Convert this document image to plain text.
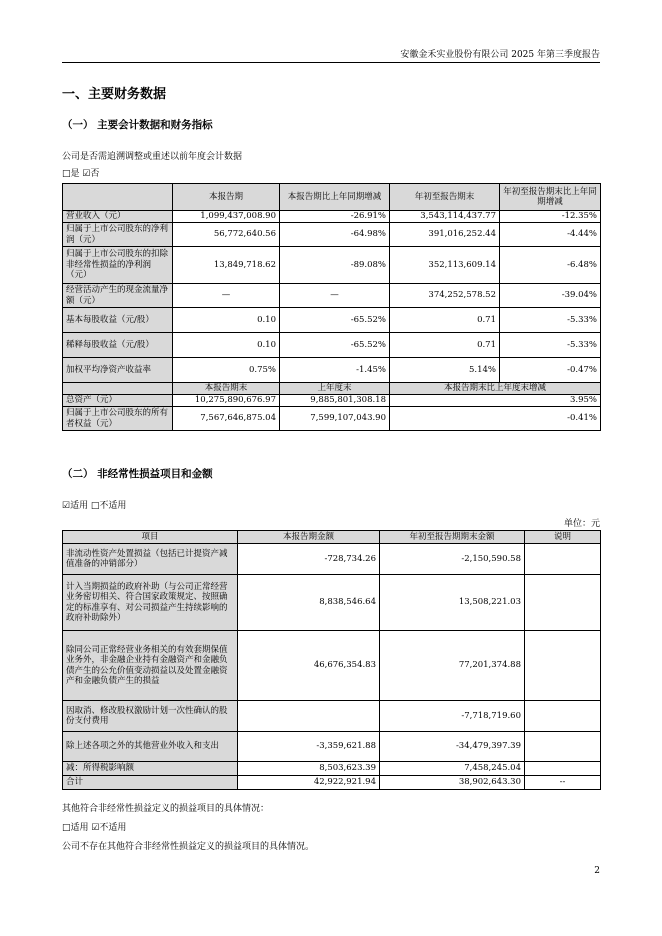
安徽金禾实业股份有限公司 2025 年第三季度报告
一、主要财务数据
（一） 主要会计数据和财务指标
公司是否需追溯调整或重述以前年度会计数据
□是 ☑否
	本报告期	本报告期比上年同期增减	年初至报告期末	年初至报告期末比上年同期增减
营业收入（元）	1,099,437,008.90	-26.91%	3,543,114,437.77	-12.35%
归属于上市公司股东的净利润（元）	56,772,640.56	-64.98%	391,016,252.44	-4.44%
归属于上市公司股东的扣除非经常性损益的净利润（元）	13,849,718.62	-89.08%	352,113,609.14	-6.48%
经营活动产生的现金流量净额（元）	—	—	374,252,578.52	-39.04%
基本每股收益（元/股）	0.10	-65.52%	0.71	-5.33%
稀释每股收益（元/股）	0.10	-65.52%	0.71	-5.33%
加权平均净资产收益率	0.75%	-1.45%	5.14%	-0.47%
	本报告期末	上年度末	本报告期末比上年度末增减	
总资产（元）	10,275,890,676.97	9,885,801,308.18	3.95%	
归属于上市公司股东的所有者权益（元）	7,567,646,875.04	7,599,107,043.90	-0.41%	
（二） 非经常性损益项目和金额
☑适用 □不适用
单位：元
项目	本报告期金额	年初至报告期期末金额	说明
非流动性资产处置损益（包括已计提资产减值准备的冲销部分）	-728,734.26	-2,150,590.58	
计入当期损益的政府补助（与公司正常经营业务密切相关、符合国家政策规定、按照确定的标准享有、对公司损益产生持续影响的政府补助除外）	8,838,546.64	13,508,221.03	
除同公司正常经营业务相关的有效套期保值业务外，非金融企业持有金融资产和金融负债产生的公允价值变动损益以及处置金融资产和金融负债产生的损益	46,676,354.83	77,201,374.88	
因取消、修改股权激励计划一次性确认的股份支付费用		-7,718,719.60	
除上述各项之外的其他营业外收入和支出	-3,359,621.88	-34,479,397.39	
减：所得税影响额	8,503,623.39	7,458,245.04	
合计	42,922,921.94	38,902,643.30	--
其他符合非经常性损益定义的损益项目的具体情况：
□适用 ☑不适用
公司不存在其他符合非经常性损益定义的损益项目的具体情况。
2
